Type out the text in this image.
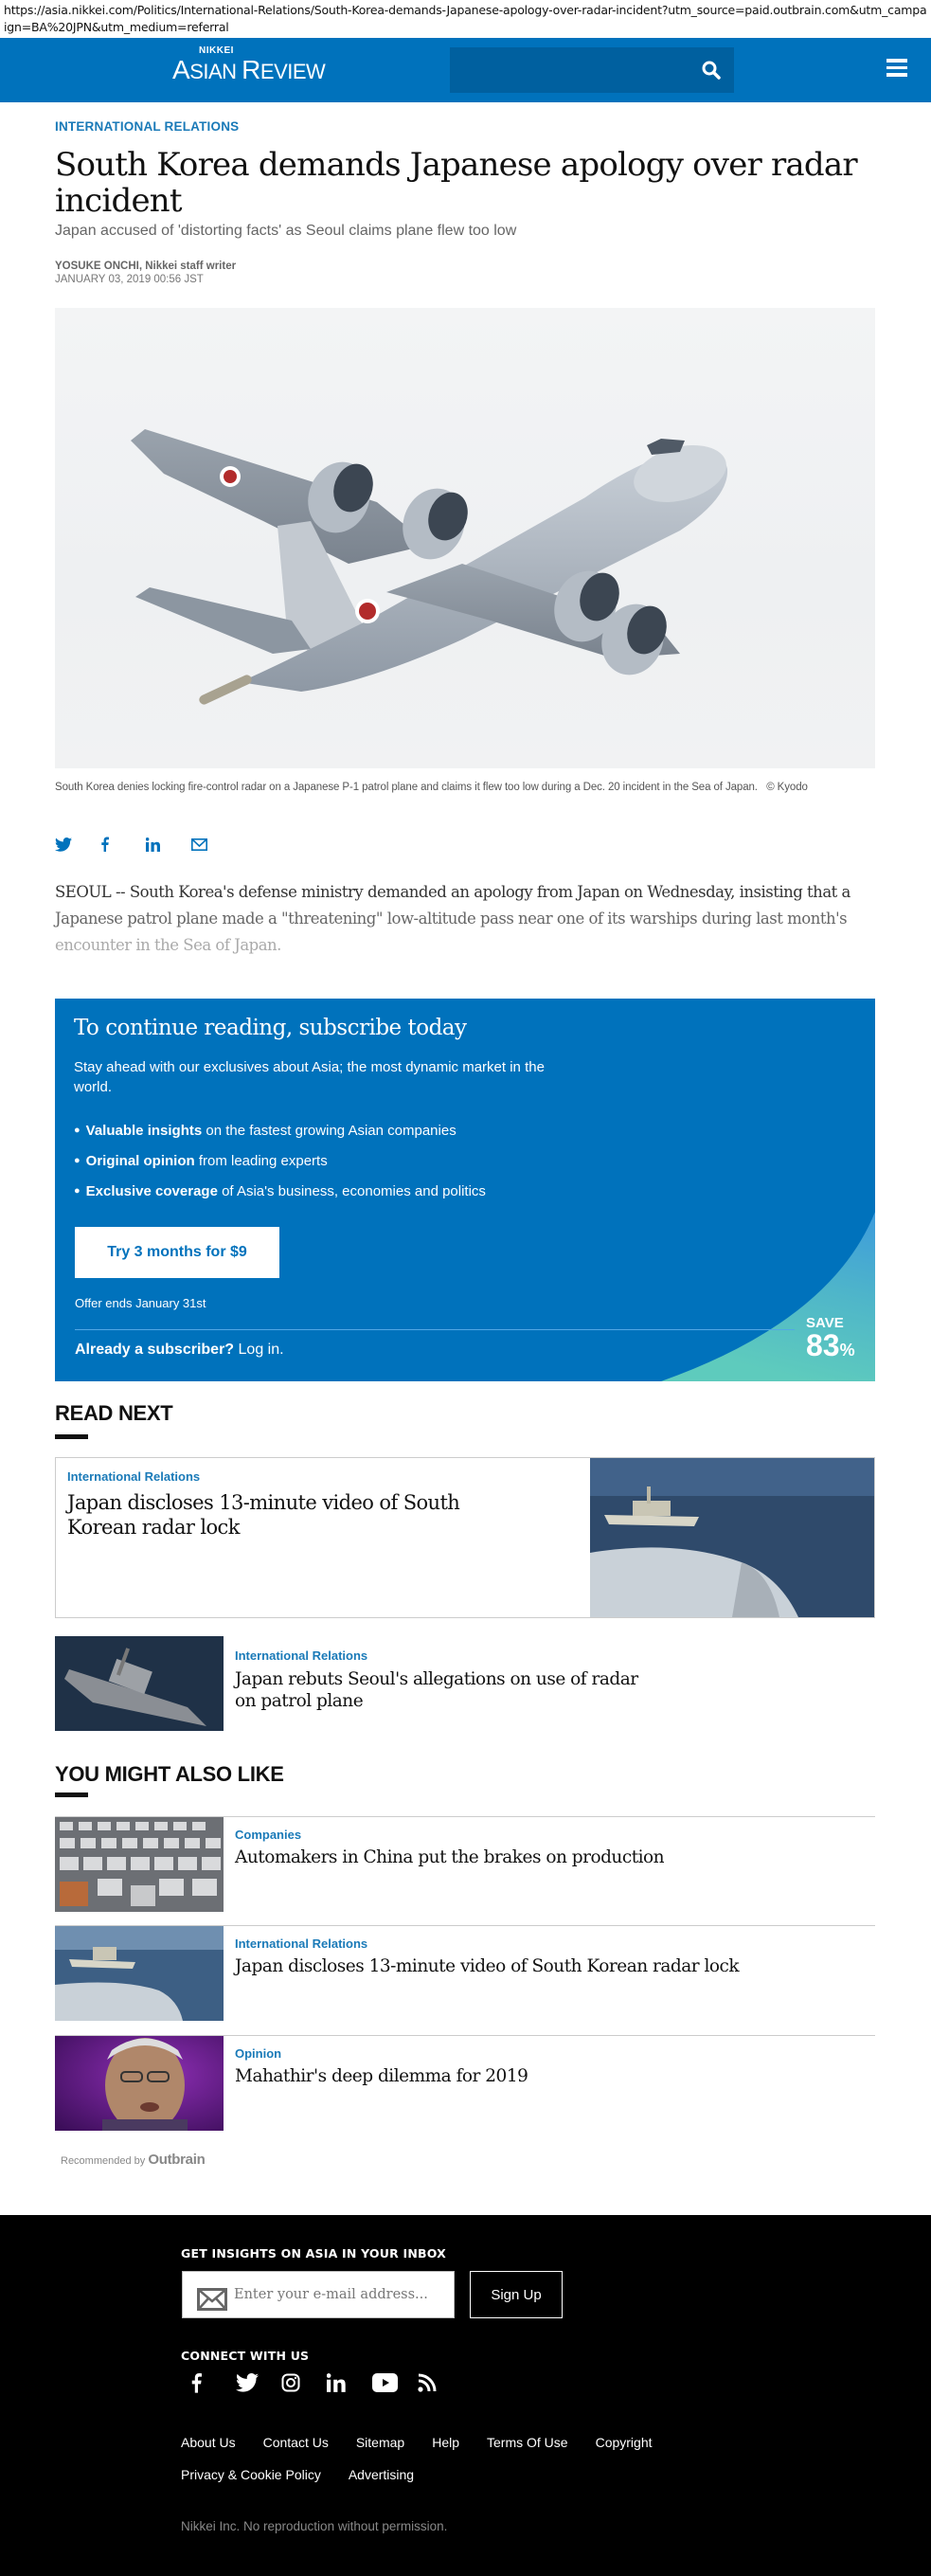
https://asia.nikkei.com/Politics/International-Relations/South-Korea-demands-Japanese-apology-over-radar-incident?utm_source=paid.outbrain.com&utm_campaign=BA%20JPN&utm_medium=referral
NIKKEI
ASIAN REVIEW
INTERNATIONAL RELATIONS
South Korea demands Japanese apology over radar incident
Japan accused of 'distorting facts' as Seoul claims plane flew too low
YOSUKE ONCHI, Nikkei staff writer
JANUARY 03, 2019 00:56 JST
South Korea denies locking fire-control radar on a Japanese P-1 patrol plane and claims it flew too low during a Dec. 20 incident in the Sea of Japan. © Kyodo
SEOUL -- South Korea's defense ministry demanded an apology from Japan on Wednesday, insisting that a
Japanese patrol plane made a "threatening" low-altitude pass near one of its warships during last month's
encounter in the Sea of Japan.
To continue reading, subscribe today
Stay ahead with our exclusives about Asia; the most dynamic market in the world.
● Valuable insights on the fastest growing Asian companies
● Original opinion from leading experts
● Exclusive coverage of Asia's business, economies and politics
Try 3 months for $9
Offer ends January 31st
Already a subscriber? Log in.
SAVE
83%
READ NEXT
International Relations
Japan discloses 13-minute video of South Korean radar lock
International Relations
Japan rebuts Seoul's allegations on use of radar on patrol plane
YOU MIGHT ALSO LIKE
Companies
Automakers in China put the brakes on production
International Relations
Japan discloses 13-minute video of South Korean radar lock
Opinion
Mahathir's deep dilemma for 2019
Recommended by Outbrain
GET INSIGHTS ON ASIA IN YOUR INBOX
Enter your e-mail address...
Sign Up
CONNECT WITH US
About Us Contact Us Sitemap Help Terms Of Use Copyright
Privacy & Cookie Policy Advertising
Nikkei Inc. No reproduction without permission.
